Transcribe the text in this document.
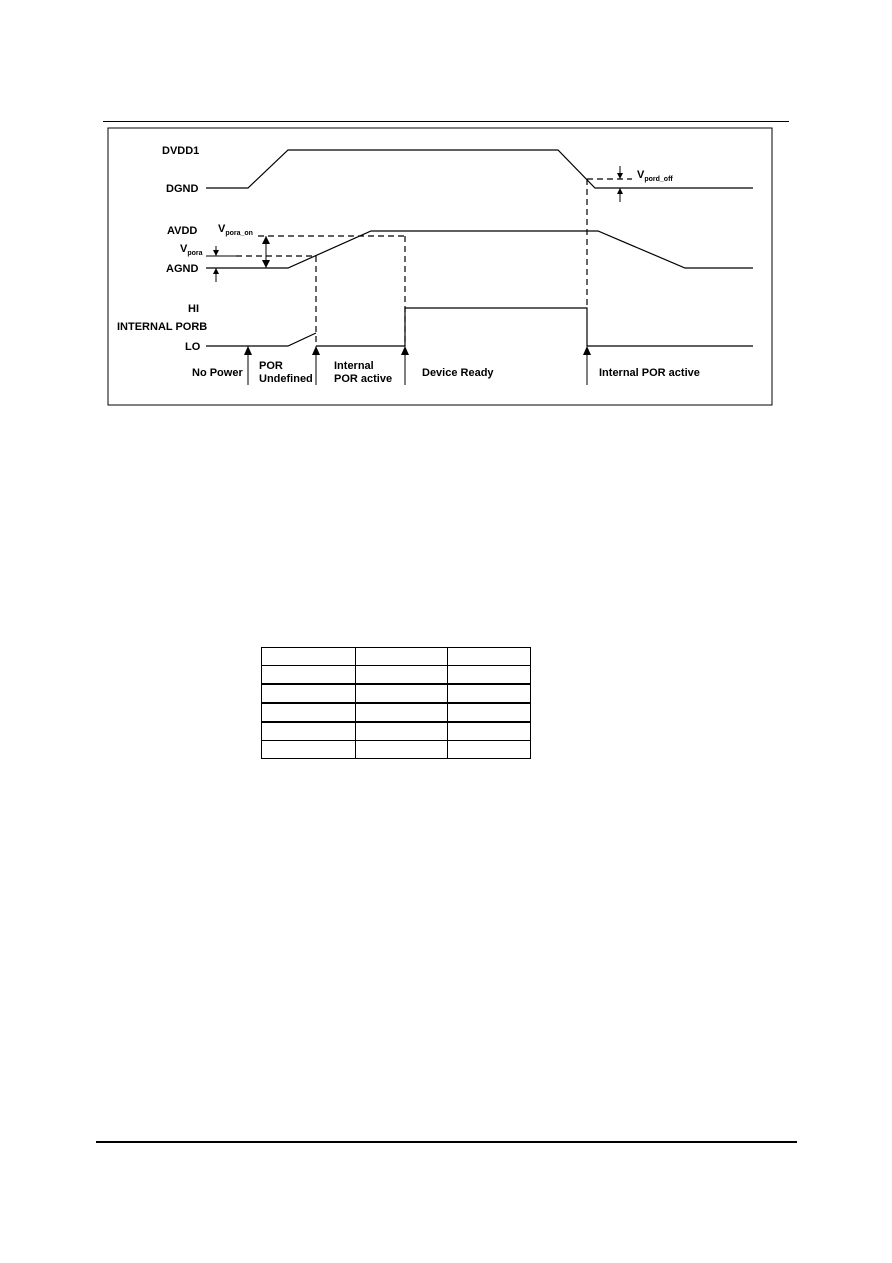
DVDD1
DGND
AVDD
AGND
HI
INTERNAL PORB
LO
$V_{pora\_on}$
$V_{pora}$
$V_{pord\_off}$
No Power
POR
Undefined
Internal
POR active	Device Ready	Internal POR active
